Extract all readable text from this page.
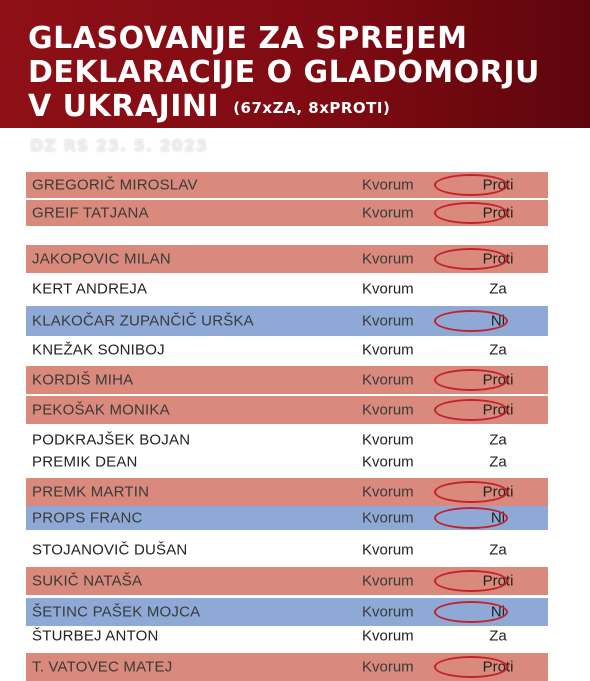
GLASOVANJE ZA SPREJEM
DEKLARACIJE O GLADOMORJU
V UKRAJINI (67xZA, 8xPROTI)
DZ RS 23. 5. 2023
GREGORIČ MIROSLAV	Kvorum	Proti
GREIF TATJANA	Kvorum	Proti
JAKOPOVIC MILAN	Kvorum	Proti
KERT ANDREJA	Kvorum	Za
KLAKOČAR ZUPANČIČ URŠKA	Kvorum	Ni
KNEŽAK SONIBOJ	Kvorum	Za
KORDIŠ MIHA	Kvorum	Proti
PEKOŠAK MONIKA	Kvorum	Proti
PODKRAJŠEK BOJAN	Kvorum	Za
PREMIK DEAN	Kvorum	Za
PREMK MARTIN	Kvorum	Proti
PROPS FRANC	Kvorum	Ni
STOJANOVIČ DUŠAN	Kvorum	Za
SUKIČ NATAŠA	Kvorum	Proti
ŠETINC PAŠEK MOJCA	Kvorum	Ni
ŠTURBEJ ANTON	Kvorum	Za
T. VATOVEC MATEJ	Kvorum	Proti
